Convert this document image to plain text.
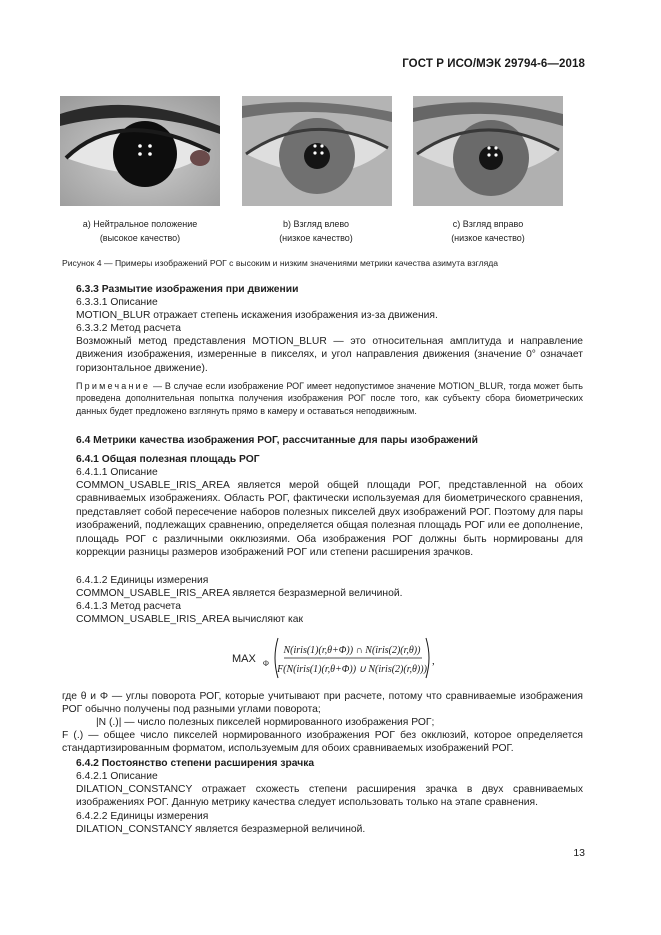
ГОСТ Р ИСО/МЭК 29794-6—2018
a) Нейтральное положение
(высокое качество)
b) Взгляд влево
(низкое качество)
c) Взгляд вправо
(низкое качество)
Рисунок 4 — Примеры изображений РОГ с высоким и низким значениями метрики качества азимута взгляда
6.3.3 Размытие изображения при движении
6.3.3.1 Описание
MOTION_BLUR отражает степень искажения изображения из-за движения.
6.3.3.2 Метод расчета
Возможный метод представления MOTION_BLUR — это относительная амплитуда и направление движения изображения, измеренные в пикселях, и угол направления движения (значение 0° означает горизонтальное движение).
Примечание — В случае если изображение РОГ имеет недопустимое значение MOTION_BLUR, тогда может быть проведена дополнительная попытка получения изображения РОГ после того, как субъекту сбора биометрических данных будет предложено взглянуть прямо в камеру и оставаться неподвижным.
6.4 Метрики качества изображения РОГ, рассчитанные для пары изображений
6.4.1 Общая полезная площадь РОГ
6.4.1.1 Описание
COMMON_USABLE_IRIS_AREA является мерой общей площади РОГ, представленной на обоих сравниваемых изображениях. Область РОГ, фактически используемая для биометрического сравнения, представляет собой пересечение наборов полезных пикселей двух изображений РОГ. Поэтому для пары изображений, подлежащих сравнению, определяется общая полезная площадь РОГ или ее дополнение, площадь РОГ с различными окклюзиями. Оба изображения РОГ должны быть нормированы для коррекции разницы размеров изображений РОГ или степени расширения зрачков.
6.4.1.2 Единицы измерения
COMMON_USABLE_IRIS_AREA является безразмерной величиной.
6.4.1.3 Метод расчета
COMMON_USABLE_IRIS_AREA вычисляют как
MAX Φ
N(iris(1)(r,θ+Φ)) ∩ N(iris(2)(r,θ))
F(N(iris(1)(r,θ+Φ)) ∪ N(iris(2)(r,θ)))
,
где θ и Φ — углы поворота РОГ, которые учитывают при расчете, потому что сравниваемые изображения РОГ обычно получены под разными углами поворота;
|N (.)| — число полезных пикселей нормированного изображения РОГ;
F (.) — общее число пикселей нормированного изображения РОГ без окклюзий, которое определяется стандартизированным форматом, используемым для обоих сравниваемых изображений РОГ.
6.4.2 Постоянство степени расширения зрачка
6.4.2.1 Описание
DILATION_CONSTANCY отражает схожесть степени расширения зрачка в двух сравниваемых изображениях РОГ. Данную метрику качества следует использовать только на этапе сравнения.
6.4.2.2 Единицы измерения
DILATION_CONSTANCY является безразмерной величиной.
13
